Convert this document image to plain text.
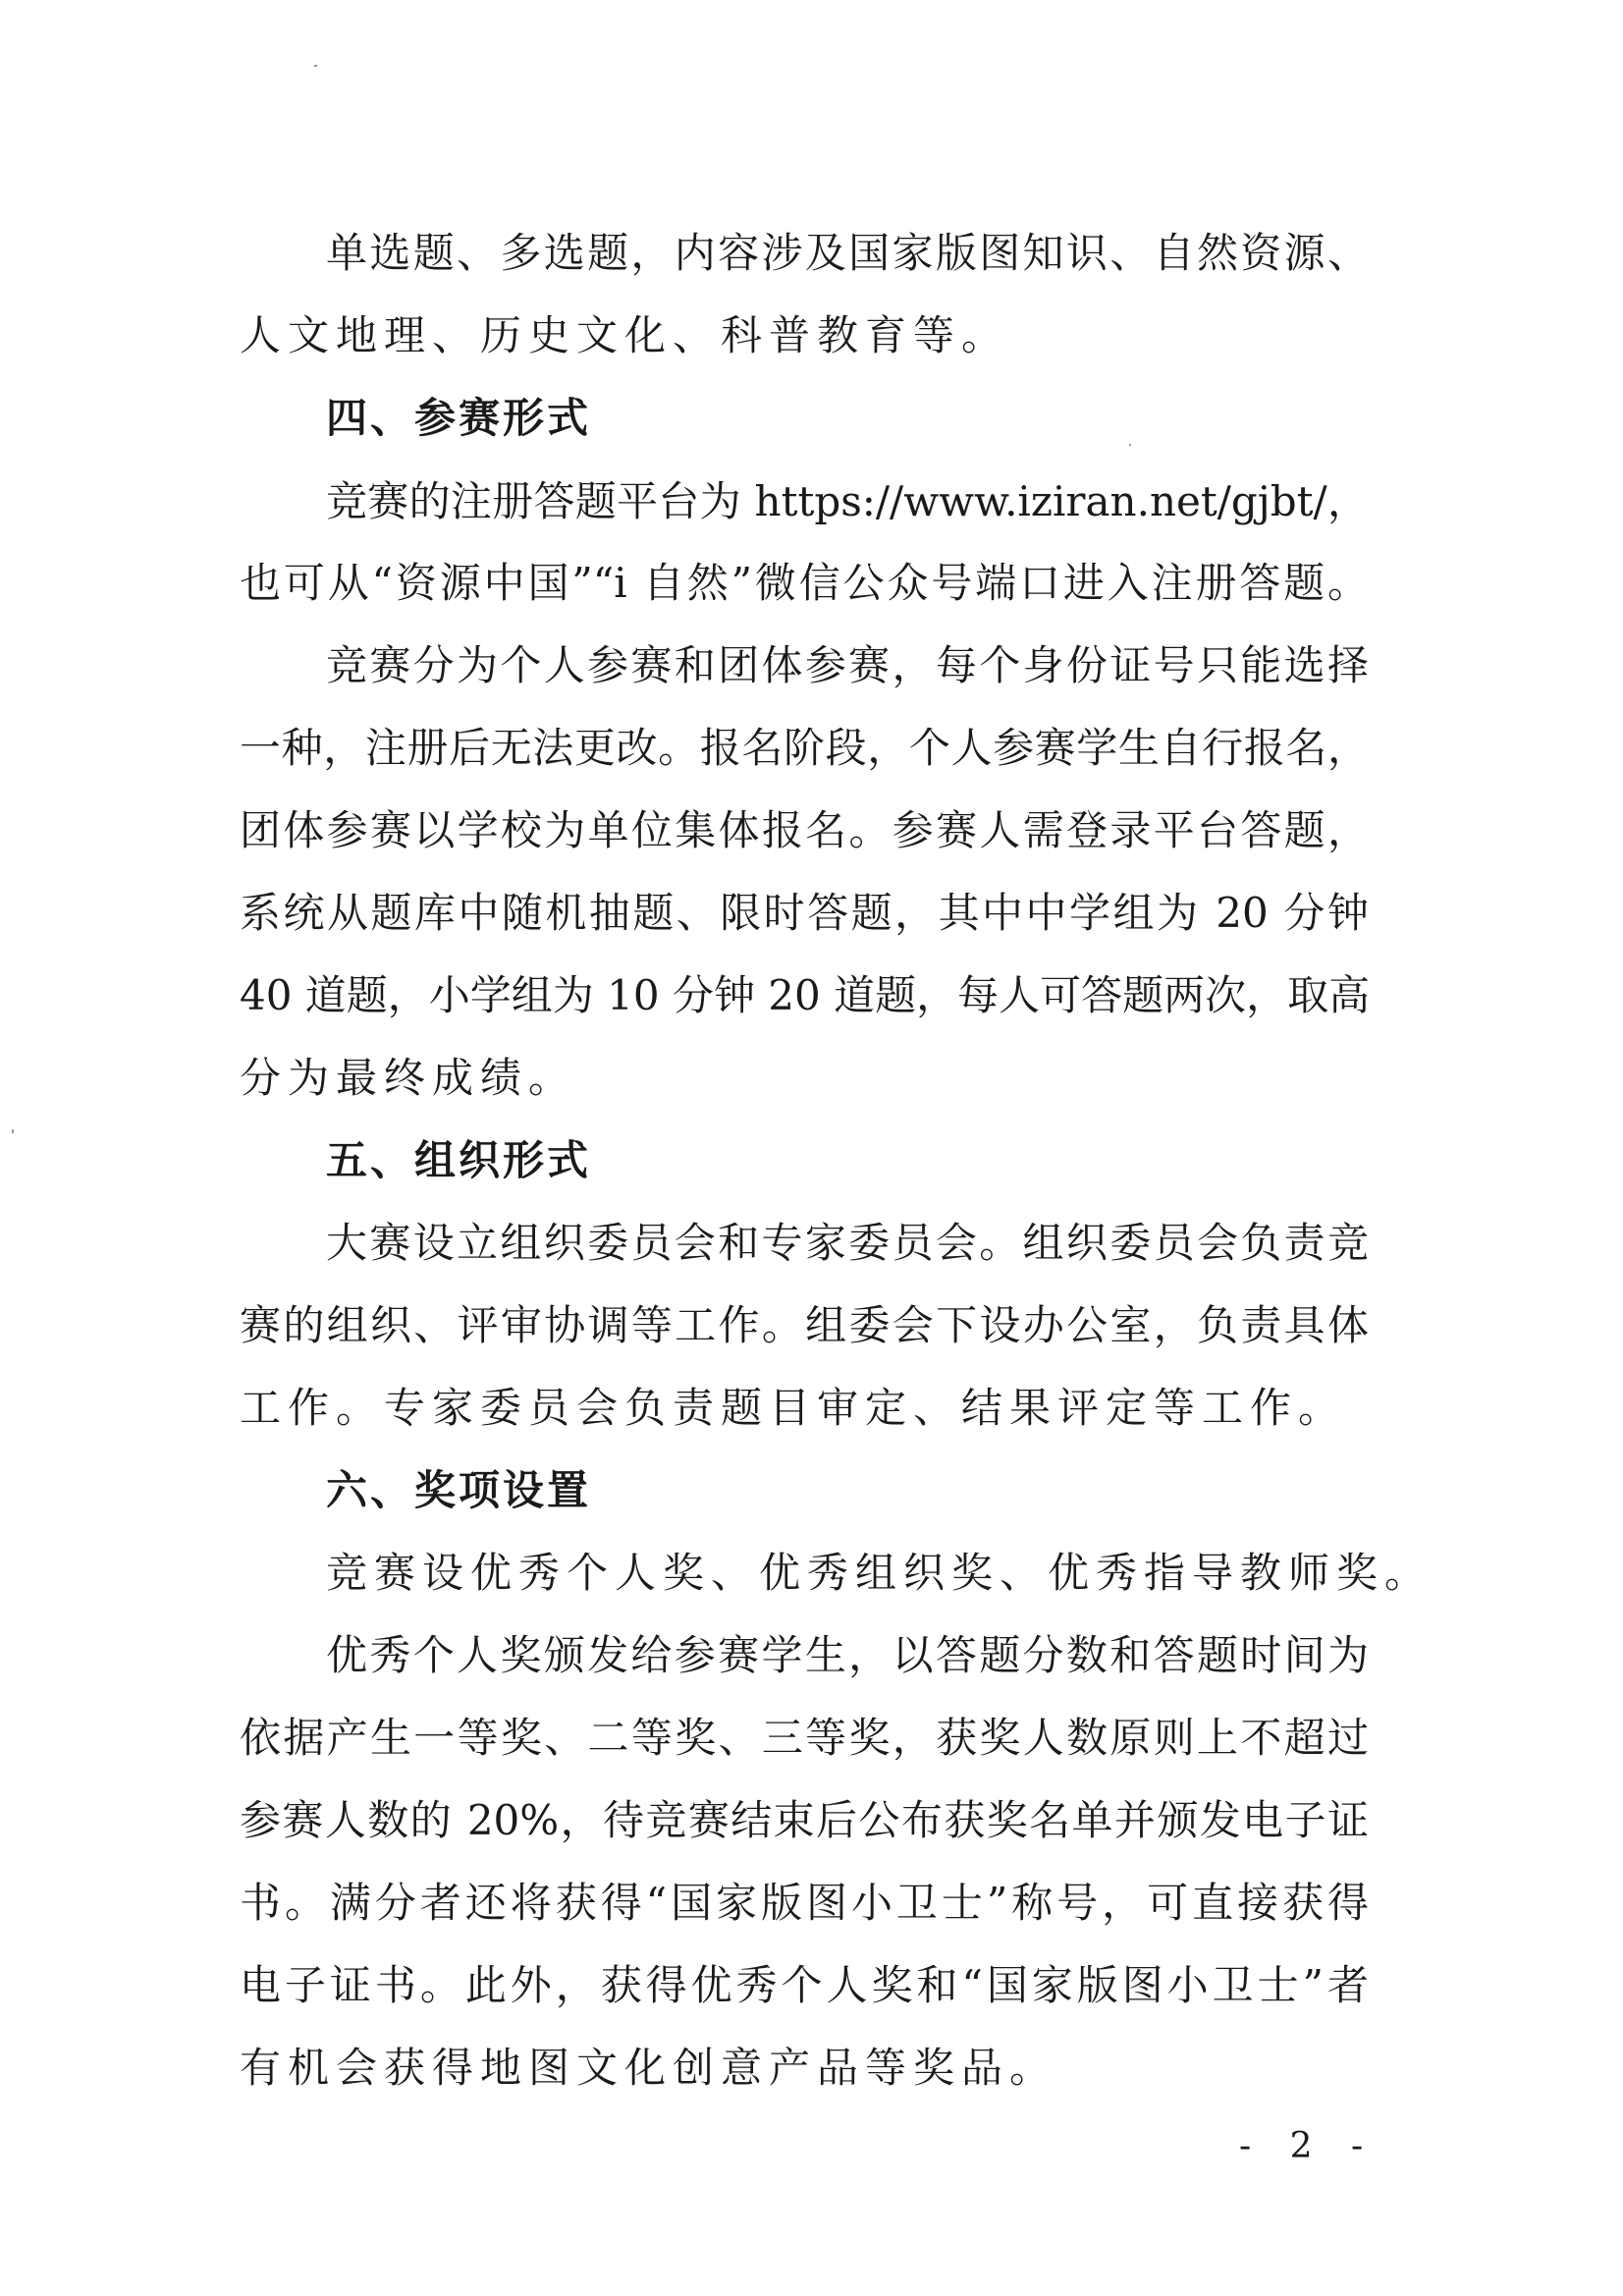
单选题、多选题，内容涉及国家版图知识、自然资源、
人文地理、历史文化、科普教育等。
四、参赛形式
竞赛的注册答题平台为 https://www.iziran.net/gjbt/，
也可从“资源中国”“i 自然”微信公众号端口进入注册答题。
竞赛分为个人参赛和团体参赛，每个身份证号只能选择
一种，注册后无法更改。报名阶段，个人参赛学生自行报名，
团体参赛以学校为单位集体报名。参赛人需登录平台答题，
系统从题库中随机抽题、限时答题，其中中学组为 20 分钟
40 道题，小学组为 10 分钟 20 道题，每人可答题两次，取高
分为最终成绩。
五、组织形式
大赛设立组织委员会和专家委员会。组织委员会负责竞
赛的组织、评审协调等工作。组委会下设办公室，负责具体
工作。专家委员会负责题目审定、结果评定等工作。
六、奖项设置
竞赛设优秀个人奖、优秀组织奖、优秀指导教师奖。
优秀个人奖颁发给参赛学生，以答题分数和答题时间为
依据产生一等奖、二等奖、三等奖，获奖人数原则上不超过
参赛人数的 20%，待竞赛结束后公布获奖名单并颁发电子证
书。满分者还将获得“国家版图小卫士”称号，可直接获得
电子证书。此外，获得优秀个人奖和“国家版图小卫士”者
有机会获得地图文化创意产品等奖品。
- 2 -
